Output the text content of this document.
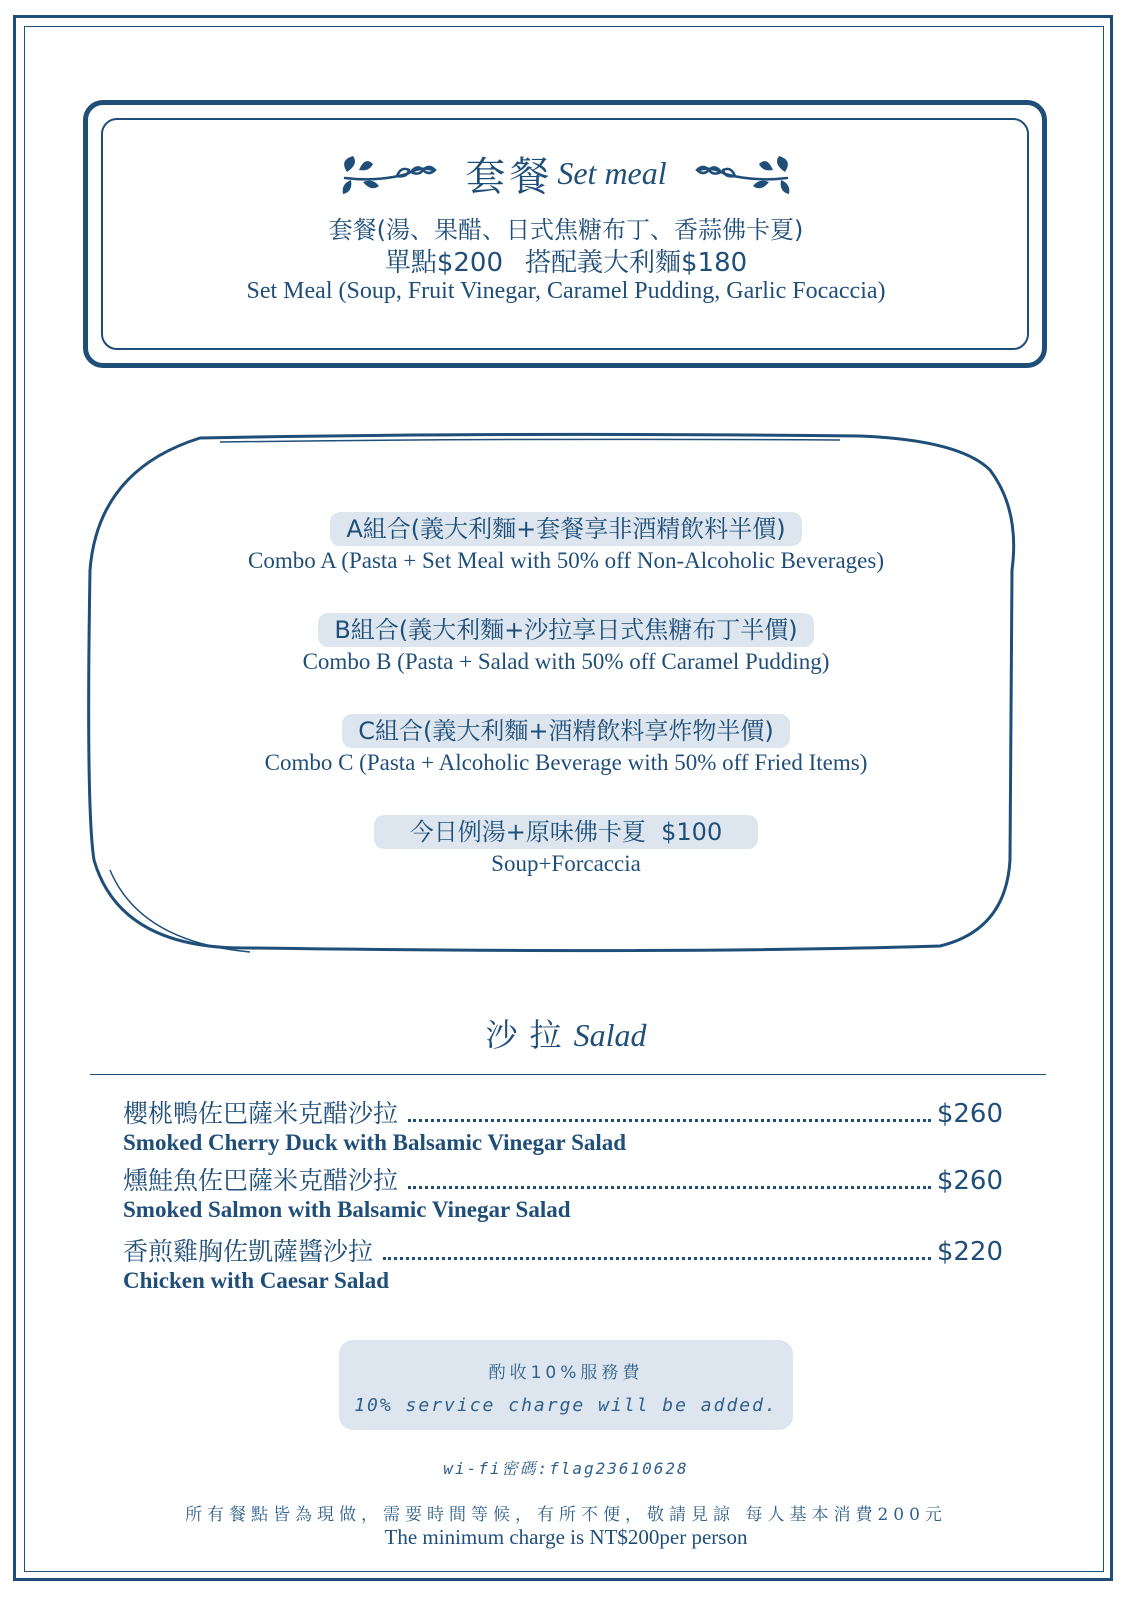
套餐 Set meal
套餐(湯、果醋、日式焦糖布丁、香蒜佛卡夏)
單點$200 搭配義大利麵$180
Set Meal (Soup, Fruit Vinegar, Caramel Pudding, Garlic Focaccia)
A組合(義大利麵+套餐享非酒精飲料半價)
Combo A (Pasta + Set Meal with 50% off Non-Alcoholic Beverages)
B組合(義大利麵+沙拉享日式焦糖布丁半價)
Combo B (Pasta + Salad with 50% off Caramel Pudding)
C組合(義大利麵+酒精飲料享炸物半價)
Combo C (Pasta + Alcoholic Beverage with 50% off Fried Items)
今日例湯+原味佛卡夏  $100
Soup+Forcaccia
沙拉Salad
櫻桃鴨佐巴薩米克醋沙拉	$260
Smoked Cherry Duck with Balsamic Vinegar Salad
燻鮭魚佐巴薩米克醋沙拉	$260
Smoked Salmon with Balsamic Vinegar Salad
香煎雞胸佐凱薩醬沙拉	$220
Chicken with Caesar Salad
酌收10%服務費
10% service charge will be added.
wi-fi密碼:flag23610628
所有餐點皆為現做，需要時間等候，有所不便，敬請見諒 每人基本消費200元
The minimum charge is NT$200per person
